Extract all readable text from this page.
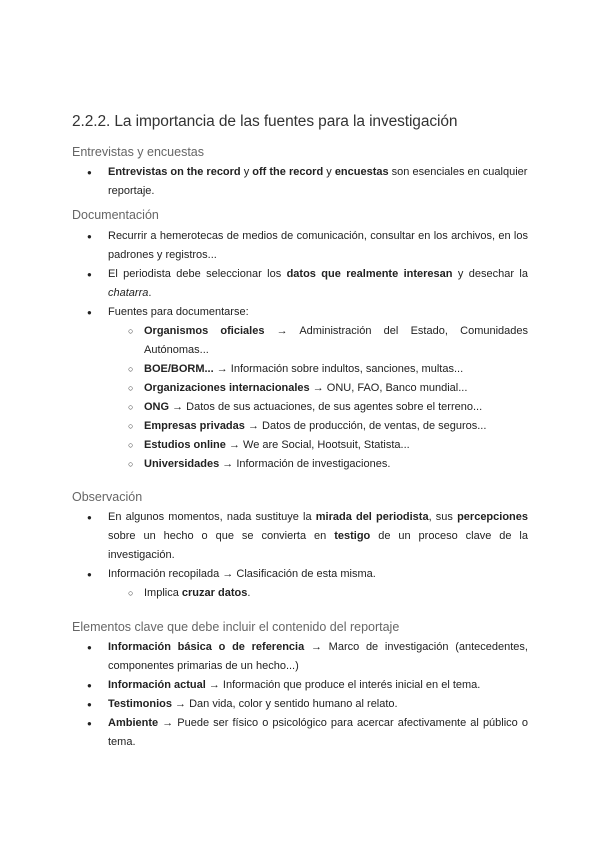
2.2.2. La importancia de las fuentes para la investigación
Entrevistas y encuestas
● Entrevistas on the record y off the record y encuestas son esenciales en cualquier reportaje.
Documentación
● Recurrir a hemerotecas de medios de comunicación, consultar en los archivos, en los padrones y registros...
● El periodista debe seleccionar los datos que realmente interesan y desechar la chatarra.
● Fuentes para documentarse:
○ Organismos oficiales → Administración del Estado, Comunidades Autónomas...
○ BOE/BORM... → Información sobre indultos, sanciones, multas...
○ Organizaciones internacionales → ONU, FAO, Banco mundial...
○ ONG → Datos de sus actuaciones, de sus agentes sobre el terreno...
○ Empresas privadas → Datos de producción, de ventas, de seguros...
○ Estudios online → We are Social, Hootsuit, Statista...
○ Universidades → Información de investigaciones.
Observación
● En algunos momentos, nada sustituye la mirada del periodista, sus percepciones sobre un hecho o que se convierta en testigo de un proceso clave de la investigación.
● Información recopilada → Clasificación de esta misma.
○ Implica cruzar datos.
Elementos clave que debe incluir el contenido del reportaje
● Información básica o de referencia → Marco de investigación (antecedentes, componentes primarias de un hecho...)
● Información actual → Información que produce el interés inicial en el tema.
● Testimonios → Dan vida, color y sentido humano al relato.
● Ambiente → Puede ser físico o psicológico para acercar afectivamente al público o tema.
